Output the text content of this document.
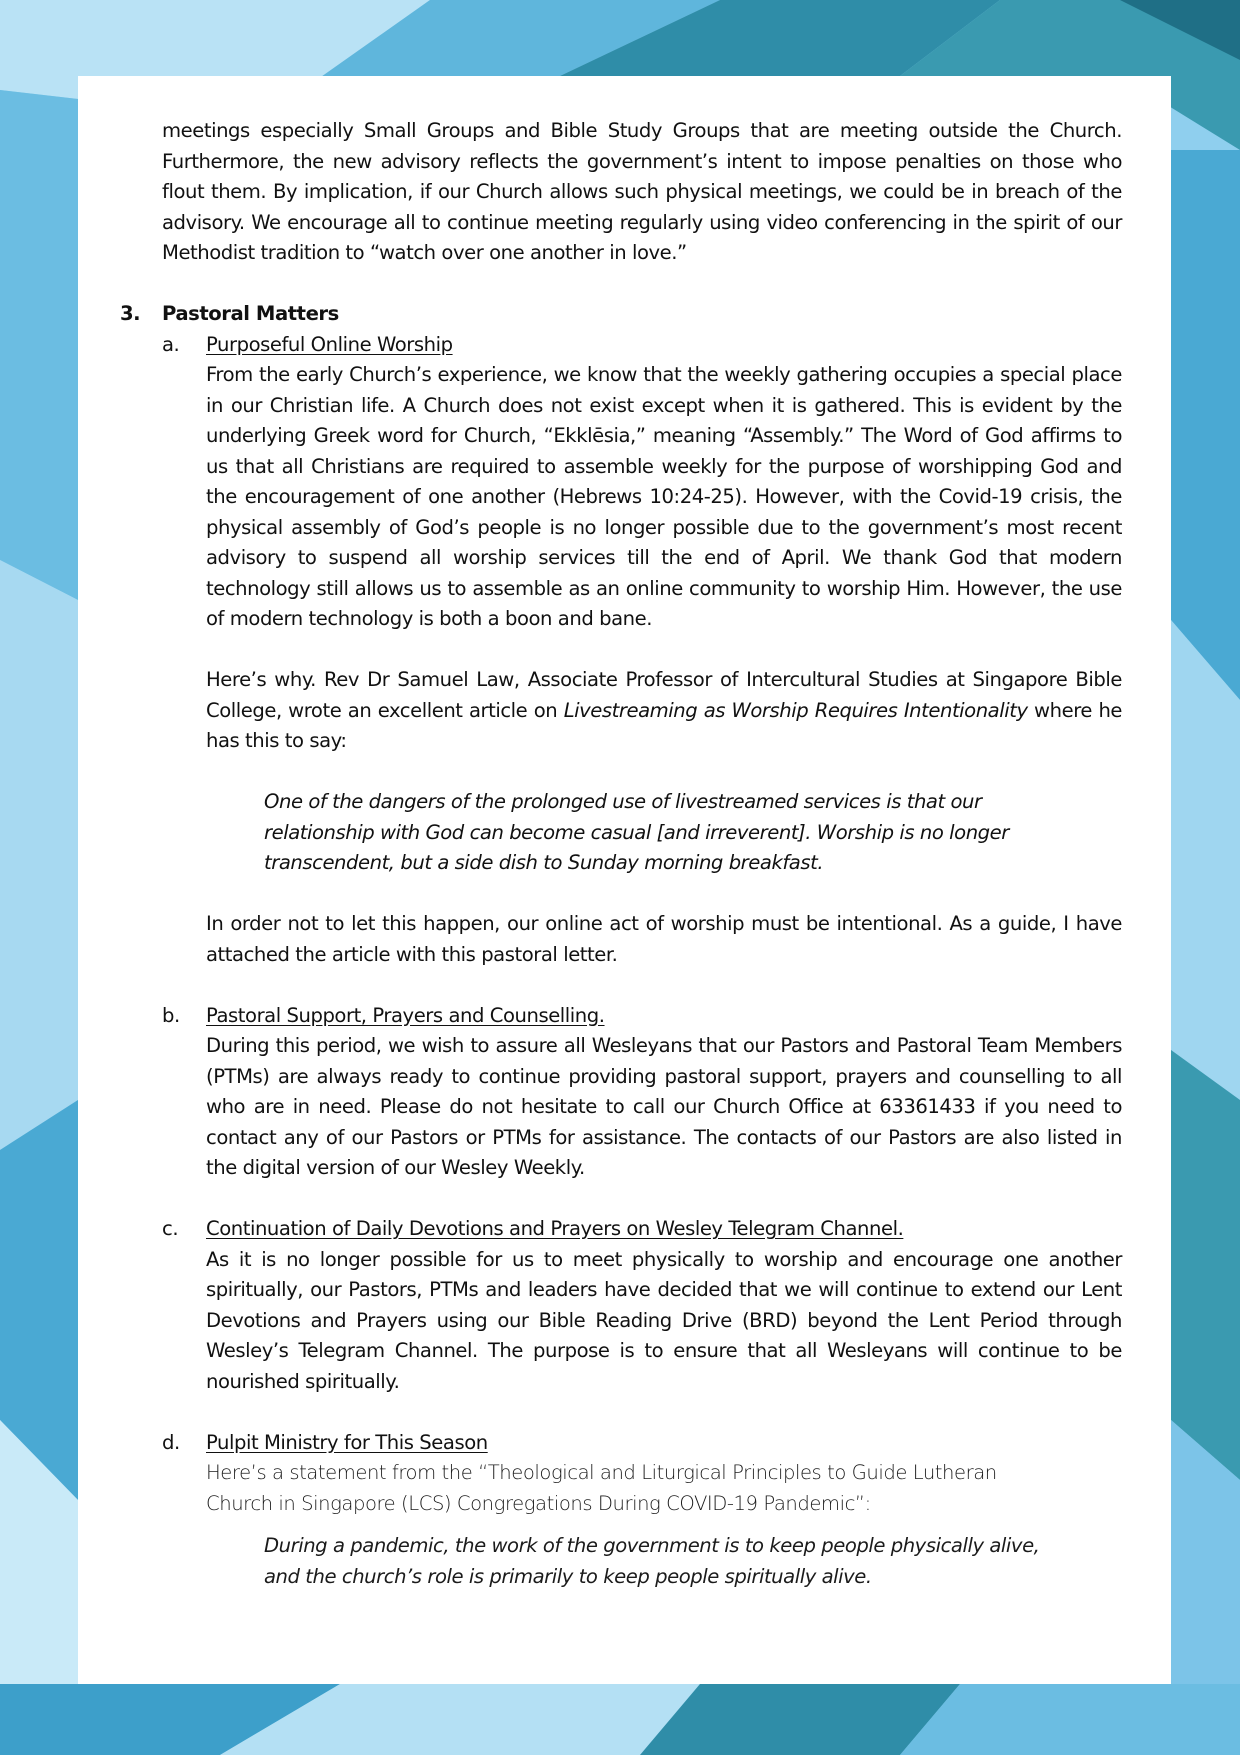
meetings especially Small Groups and Bible Study Groups that are meeting outside the Church. Furthermore, the new advisory reflects the government’s intent to impose penalties on those who flout them. By implication, if our Church allows such physical meetings, we could be in breach of the advisory. We encourage all to continue meeting regularly using video conferencing in the spirit of our Methodist tradition to “watch over one another in love.”

3. Pastoral Matters
a.	Purposeful Online Worship

From the early Church’s experience, we know that the weekly gathering occupies a special place in our Christian life. A Church does not exist except when it is gathered. This is evident by the underlying Greek word for Church, “Ekklēsia,” meaning “Assembly.” The Word of God affirms to us that all Christians are required to assemble weekly for the purpose of worshipping God and the encouragement of one another (Hebrews 10:24-25). However, with the Covid-19 crisis, the physical assembly of God’s people is no longer possible due to the government’s most recent advisory to suspend all worship services till the end of April. We thank God that modern technology still allows us to assemble as an online community to worship Him. However, the use of modern technology is both a boon and bane.

Here’s why. Rev Dr Samuel Law, Associate Professor of Intercultural Studies at Singapore Bible College, wrote an excellent article on Livestreaming as Worship Requires Intentionality where he has this to say:

One of the dangers of the prolonged use of livestreamed services is that our relationship with God can become casual [and irreverent]. Worship is no longer transcendent, but a side dish to Sunday morning breakfast.

In order not to let this happen, our online act of worship must be intentional. As a guide, I have attached the article with this pastoral letter.

b.	Pastoral Support, Prayers and Counselling.

During this period, we wish to assure all Wesleyans that our Pastors and Pastoral Team Members (PTMs) are always ready to continue providing pastoral support, prayers and counselling to all who are in need. Please do not hesitate to call our Church Office at 63361433 if you need to contact any of our Pastors or PTMs for assistance. The contacts of our Pastors are also listed in the digital version of our Wesley Weekly.

c.	Continuation of Daily Devotions and Prayers on Wesley Telegram Channel.

As it is no longer possible for us to meet physically to worship and encourage one another spiritually, our Pastors, PTMs and leaders have decided that we will continue to extend our Lent Devotions and Prayers using our Bible Reading Drive (BRD) beyond the Lent Period through Wesley’s Telegram Channel. The purpose is to ensure that all Wesleyans will continue to be nourished spiritually.

d.	Pulpit Ministry for This Season
Here’s a statement from the “Theological and Liturgical Principles to Guide Lutheran
Church in Singapore (LCS) Congregations During COVID-19 Pandemic”:
During a pandemic, the work of the government is to keep people physically alive,
and the church’s role is primarily to keep people spiritually alive.
